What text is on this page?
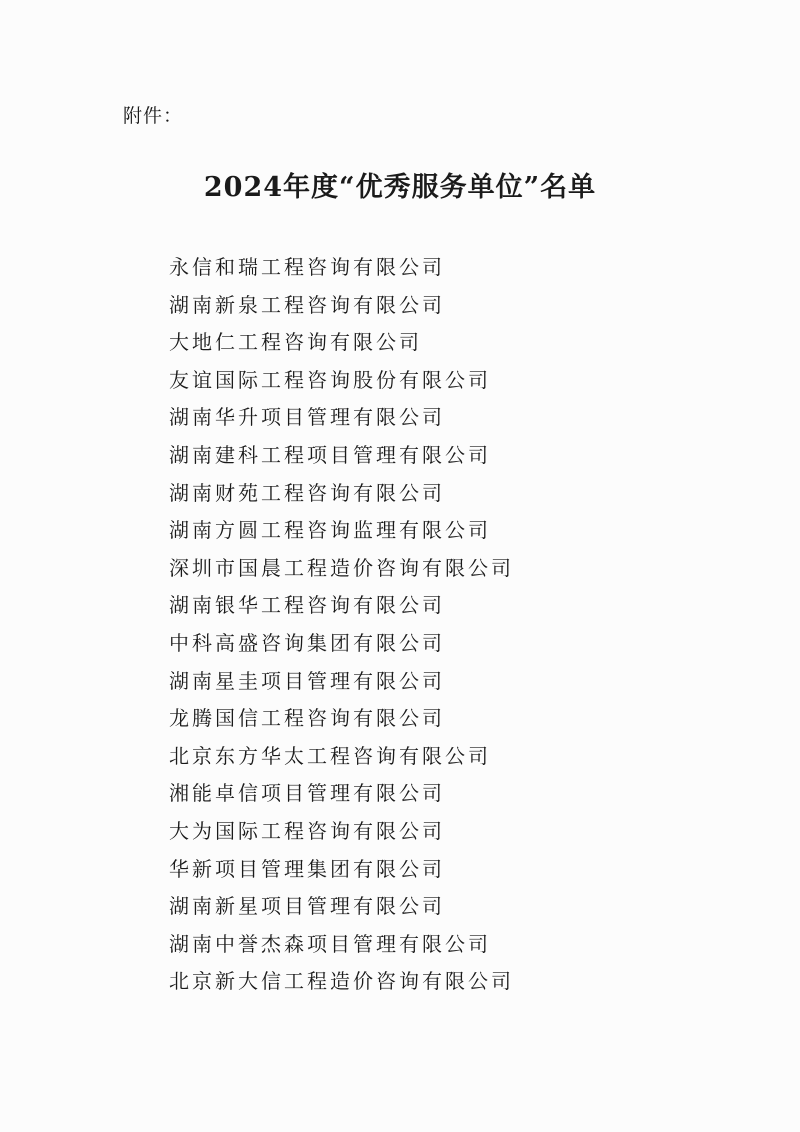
附件：
2024年度“优秀服务单位”名单
永信和瑞工程咨询有限公司
湖南新泉工程咨询有限公司
大地仁工程咨询有限公司
友谊国际工程咨询股份有限公司
湖南华升项目管理有限公司
湖南建科工程项目管理有限公司
湖南财苑工程咨询有限公司
湖南方圆工程咨询监理有限公司
深圳市国晨工程造价咨询有限公司
湖南银华工程咨询有限公司
中科高盛咨询集团有限公司
湖南星圭项目管理有限公司
龙腾国信工程咨询有限公司
北京东方华太工程咨询有限公司
湘能卓信项目管理有限公司
大为国际工程咨询有限公司
华新项目管理集团有限公司
湖南新星项目管理有限公司
湖南中誉杰森项目管理有限公司
北京新大信工程造价咨询有限公司
